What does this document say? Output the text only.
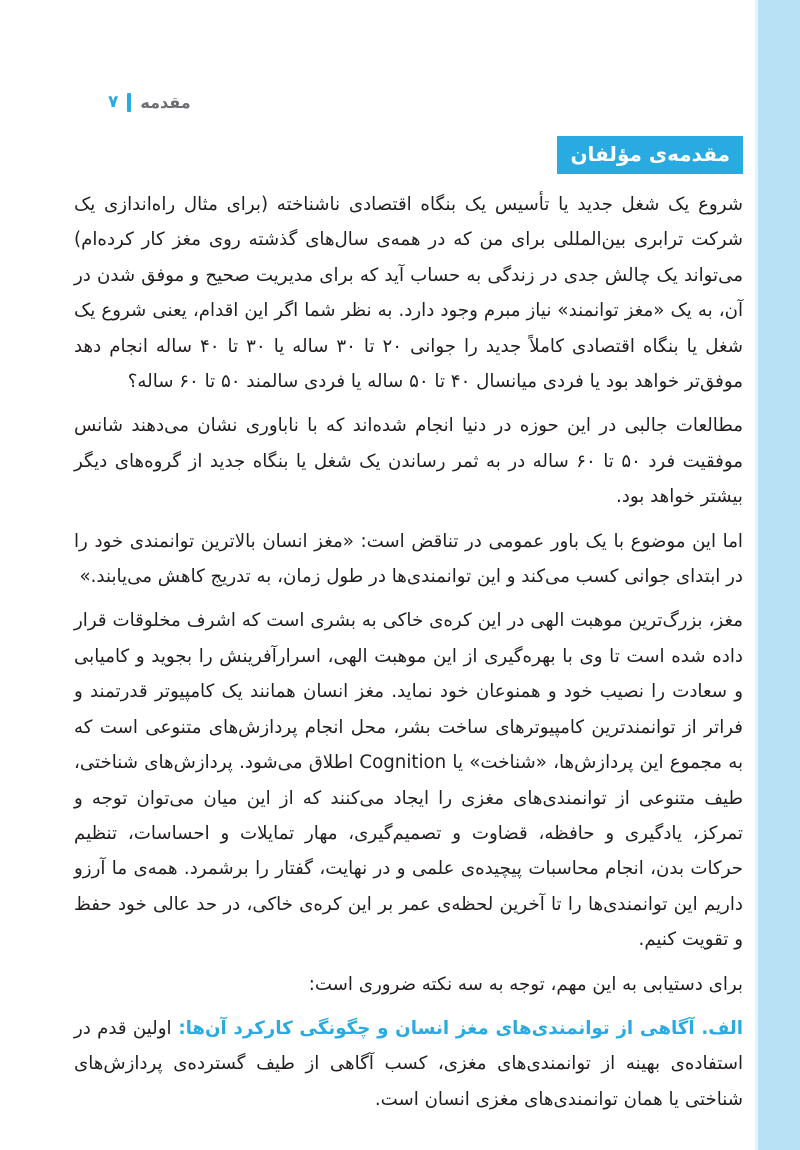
مقدمه
٧
مقدمه‌ی مؤلفان

شروع یک شغل جدید یا تأسیس یک بنگاه اقتصادی ناشناخته (برای مثال راه‌اندازی یک شرکت ترابری بین‌المللی برای من که در همه‌ی سال‌های گذشته روی مغز کار کرده‌ام) می‌تواند یک چالش جدی در زندگی به حساب آید که برای مدیریت صحیح و موفق شدن در آن، به یک «مغز توانمند» نیاز مبرم وجود دارد. به نظر شما اگر این اقدام، یعنی شروع یک شغل یا بنگاه اقتصادی کاملاً جدید را جوانی ۲۰ تا ۳۰ ساله یا ۳۰ تا ۴۰ ساله انجام دهد موفق‌تر خواهد بود یا فردی میانسال ۴۰ تا ۵۰ ساله یا فردی سالمند ۵۰ تا ۶۰ ساله؟

مطالعات جالبی در این حوزه در دنیا انجام شده‌اند که با ناباوری نشان می‌دهند شانس موفقیت فرد ۵۰ تا ۶۰ ساله در به ثمر رساندن یک شغل یا بنگاه جدید از گروه‌های دیگر بیشتر خواهد بود.

اما این موضوع با یک باور عمومی در تناقض است: «مغز انسان بالاترین توانمندی خود را در ابتدای جوانی کسب می‌کند و این توانمندی‌ها در طول زمان، به تدریج کاهش می‌یابند.»

مغز، بزرگ‌ترین موهبت الهی در این کره‌ی خاکی به بشری است که اشرف مخلوقات قرار داده شده است تا وی با بهره‌گیری از این موهبت الهی، اسرارآفرینش را بجوید و کامیابی و سعادت را نصیب خود و همنوعان خود نماید. مغز انسان همانند یک کامپیوتر قدرتمند و فراتر از توانمندترین کامپیوترهای ساخت بشر، محل انجام پردازش‌های متنوعی است که به مجموع این پردازش‌ها، «شناخت» یا Cognition اطلاق می‌شود. پردازش‌های شناختی، طیف متنوعی از توانمندی‌های مغزی را ایجاد می‌کنند که از این میان می‌توان توجه و تمرکز، یادگیری و حافظه، قضاوت و تصمیم‌گیری، مهار تمایلات و احساسات، تنظیم حرکات بدن، انجام محاسبات پیچیده‌ی علمی و در نهایت، گفتار را برشمرد. همه‌ی ما آرزو داریم این توانمندی‌ها را تا آخرین لحظه‌ی عمر بر این کره‌ی خاکی، در حد عالی خود حفظ و تقویت کنیم.

برای دستیابی به این مهم، توجه به سه نکته ضروری است:

الف. آگاهی از توانمندی‌های مغز انسان و چگونگی کارکرد آن‌ها: اولین قدم در استفاده‌ی بهینه از توانمندی‌های مغزی، کسب آگاهی از طیف گسترده‌ی پردازش‌های شناختی یا همان توانمندی‌های مغزی انسان است.
